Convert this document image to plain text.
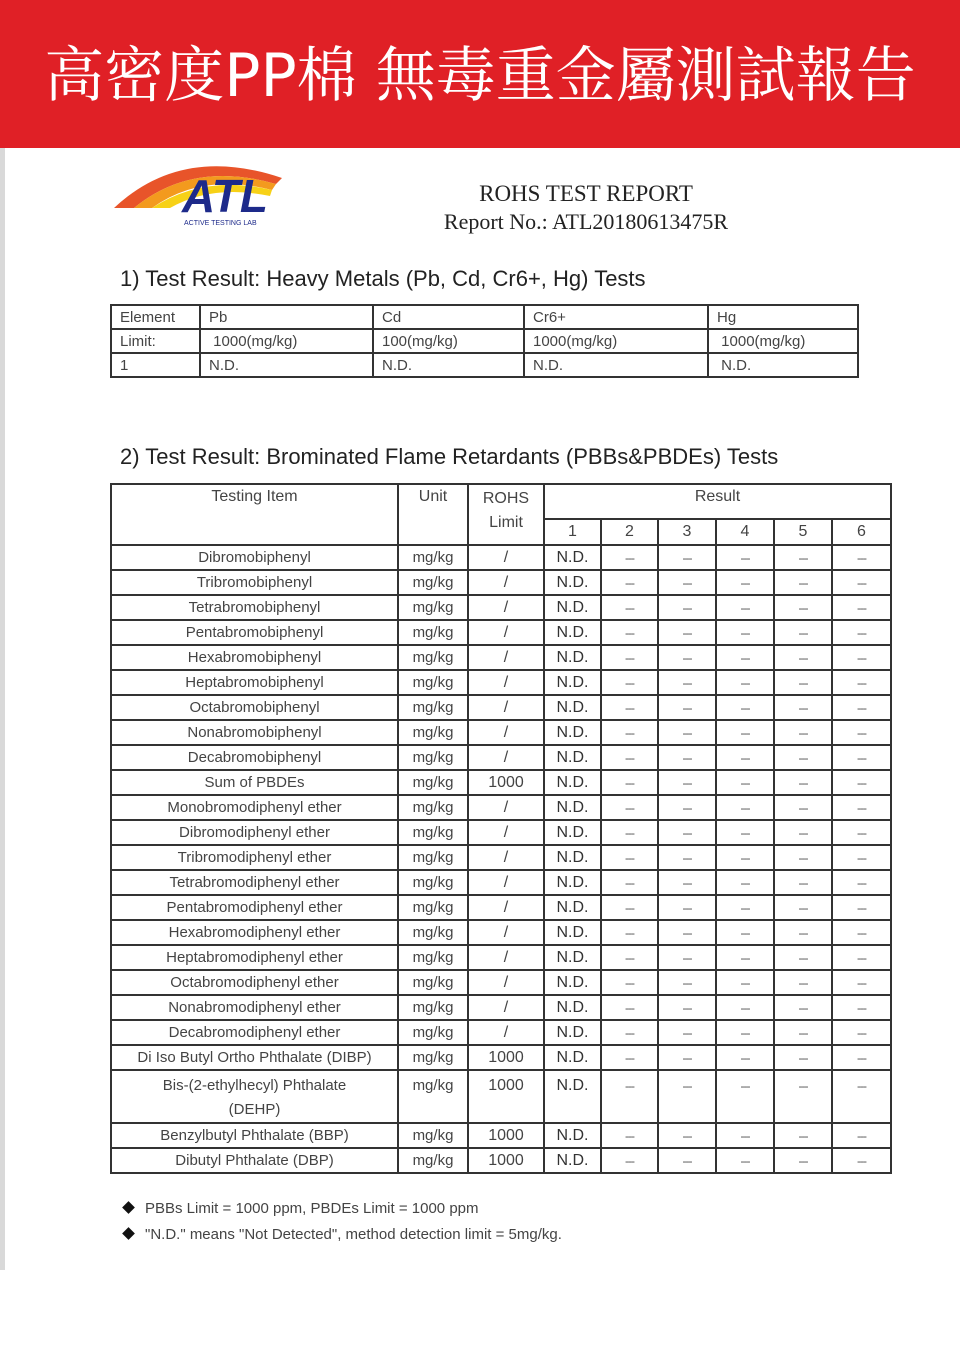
高密度PP棉 無毒重金屬測試報告
ATL
ACTIVE TESTING LAB
ROHS TEST REPORT
Report No.: ATL20180613475R
1) Test Result: Heavy Metals (Pb, Cd, Cr6+, Hg) Tests
Element	Pb	Cd	Cr6+	Hg
Limit:	1000(mg/kg)	100(mg/kg)	1000(mg/kg)	1000(mg/kg)
1	N.D.	N.D.	N.D.	N.D.
2) Test Result: Brominated Flame Retardants (PBBs&PBDEs) Tests
Testing Item	Unit	ROHS
Limit	Result					
			1	2	3	4	5	6
Dibromobiphenyl	mg/kg	/	N.D.	---	---	---	---	---
Tribromobiphenyl	mg/kg	/	N.D.	---	---	---	---	---
Tetrabromobiphenyl	mg/kg	/	N.D.	---	---	---	---	---
Pentabromobiphenyl	mg/kg	/	N.D.	---	---	---	---	---
Hexabromobiphenyl	mg/kg	/	N.D.	---	---	---	---	---
Heptabromobiphenyl	mg/kg	/	N.D.	---	---	---	---	---
Octabromobiphenyl	mg/kg	/	N.D.	---	---	---	---	---
Nonabromobiphenyl	mg/kg	/	N.D.	---	---	---	---	---
Decabromobiphenyl	mg/kg	/	N.D.	---	---	---	---	---
Sum of PBDEs	mg/kg	1000	N.D.	---	---	---	---	---
Monobromodiphenyl ether	mg/kg	/	N.D.	---	---	---	---	---
Dibromodiphenyl ether	mg/kg	/	N.D.	---	---	---	---	---
Tribromodiphenyl ether	mg/kg	/	N.D.	---	---	---	---	---
Tetrabromodiphenyl ether	mg/kg	/	N.D.	---	---	---	---	---
Pentabromodiphenyl ether	mg/kg	/	N.D.	---	---	---	---	---
Hexabromodiphenyl ether	mg/kg	/	N.D.	---	---	---	---	---
Heptabromodiphenyl ether	mg/kg	/	N.D.	---	---	---	---	---
Octabromodiphenyl ether	mg/kg	/	N.D.	---	---	---	---	---
Nonabromodiphenyl ether	mg/kg	/	N.D.	---	---	---	---	---
Decabromodiphenyl ether	mg/kg	/	N.D.	---	---	---	---	---
Di Iso Butyl Ortho Phthalate (DIBP)	mg/kg	1000	N.D.	---	---	---	---	---

Bis-(2-ethylhecyl) Phthalate
(DEHP)	mg/kg	1000	N.D.	---	---	---	---	---
Benzylbutyl Phthalate (BBP)	mg/kg	1000	N.D.	---	---	---	---	---
Dibutyl Phthalate (DBP)	mg/kg	1000	N.D.	---	---	---	---	---
PBBs Limit = 1000 ppm, PBDEs Limit = 1000 ppm
"N.D." means "Not Detected", method detection limit = 5mg/kg.
